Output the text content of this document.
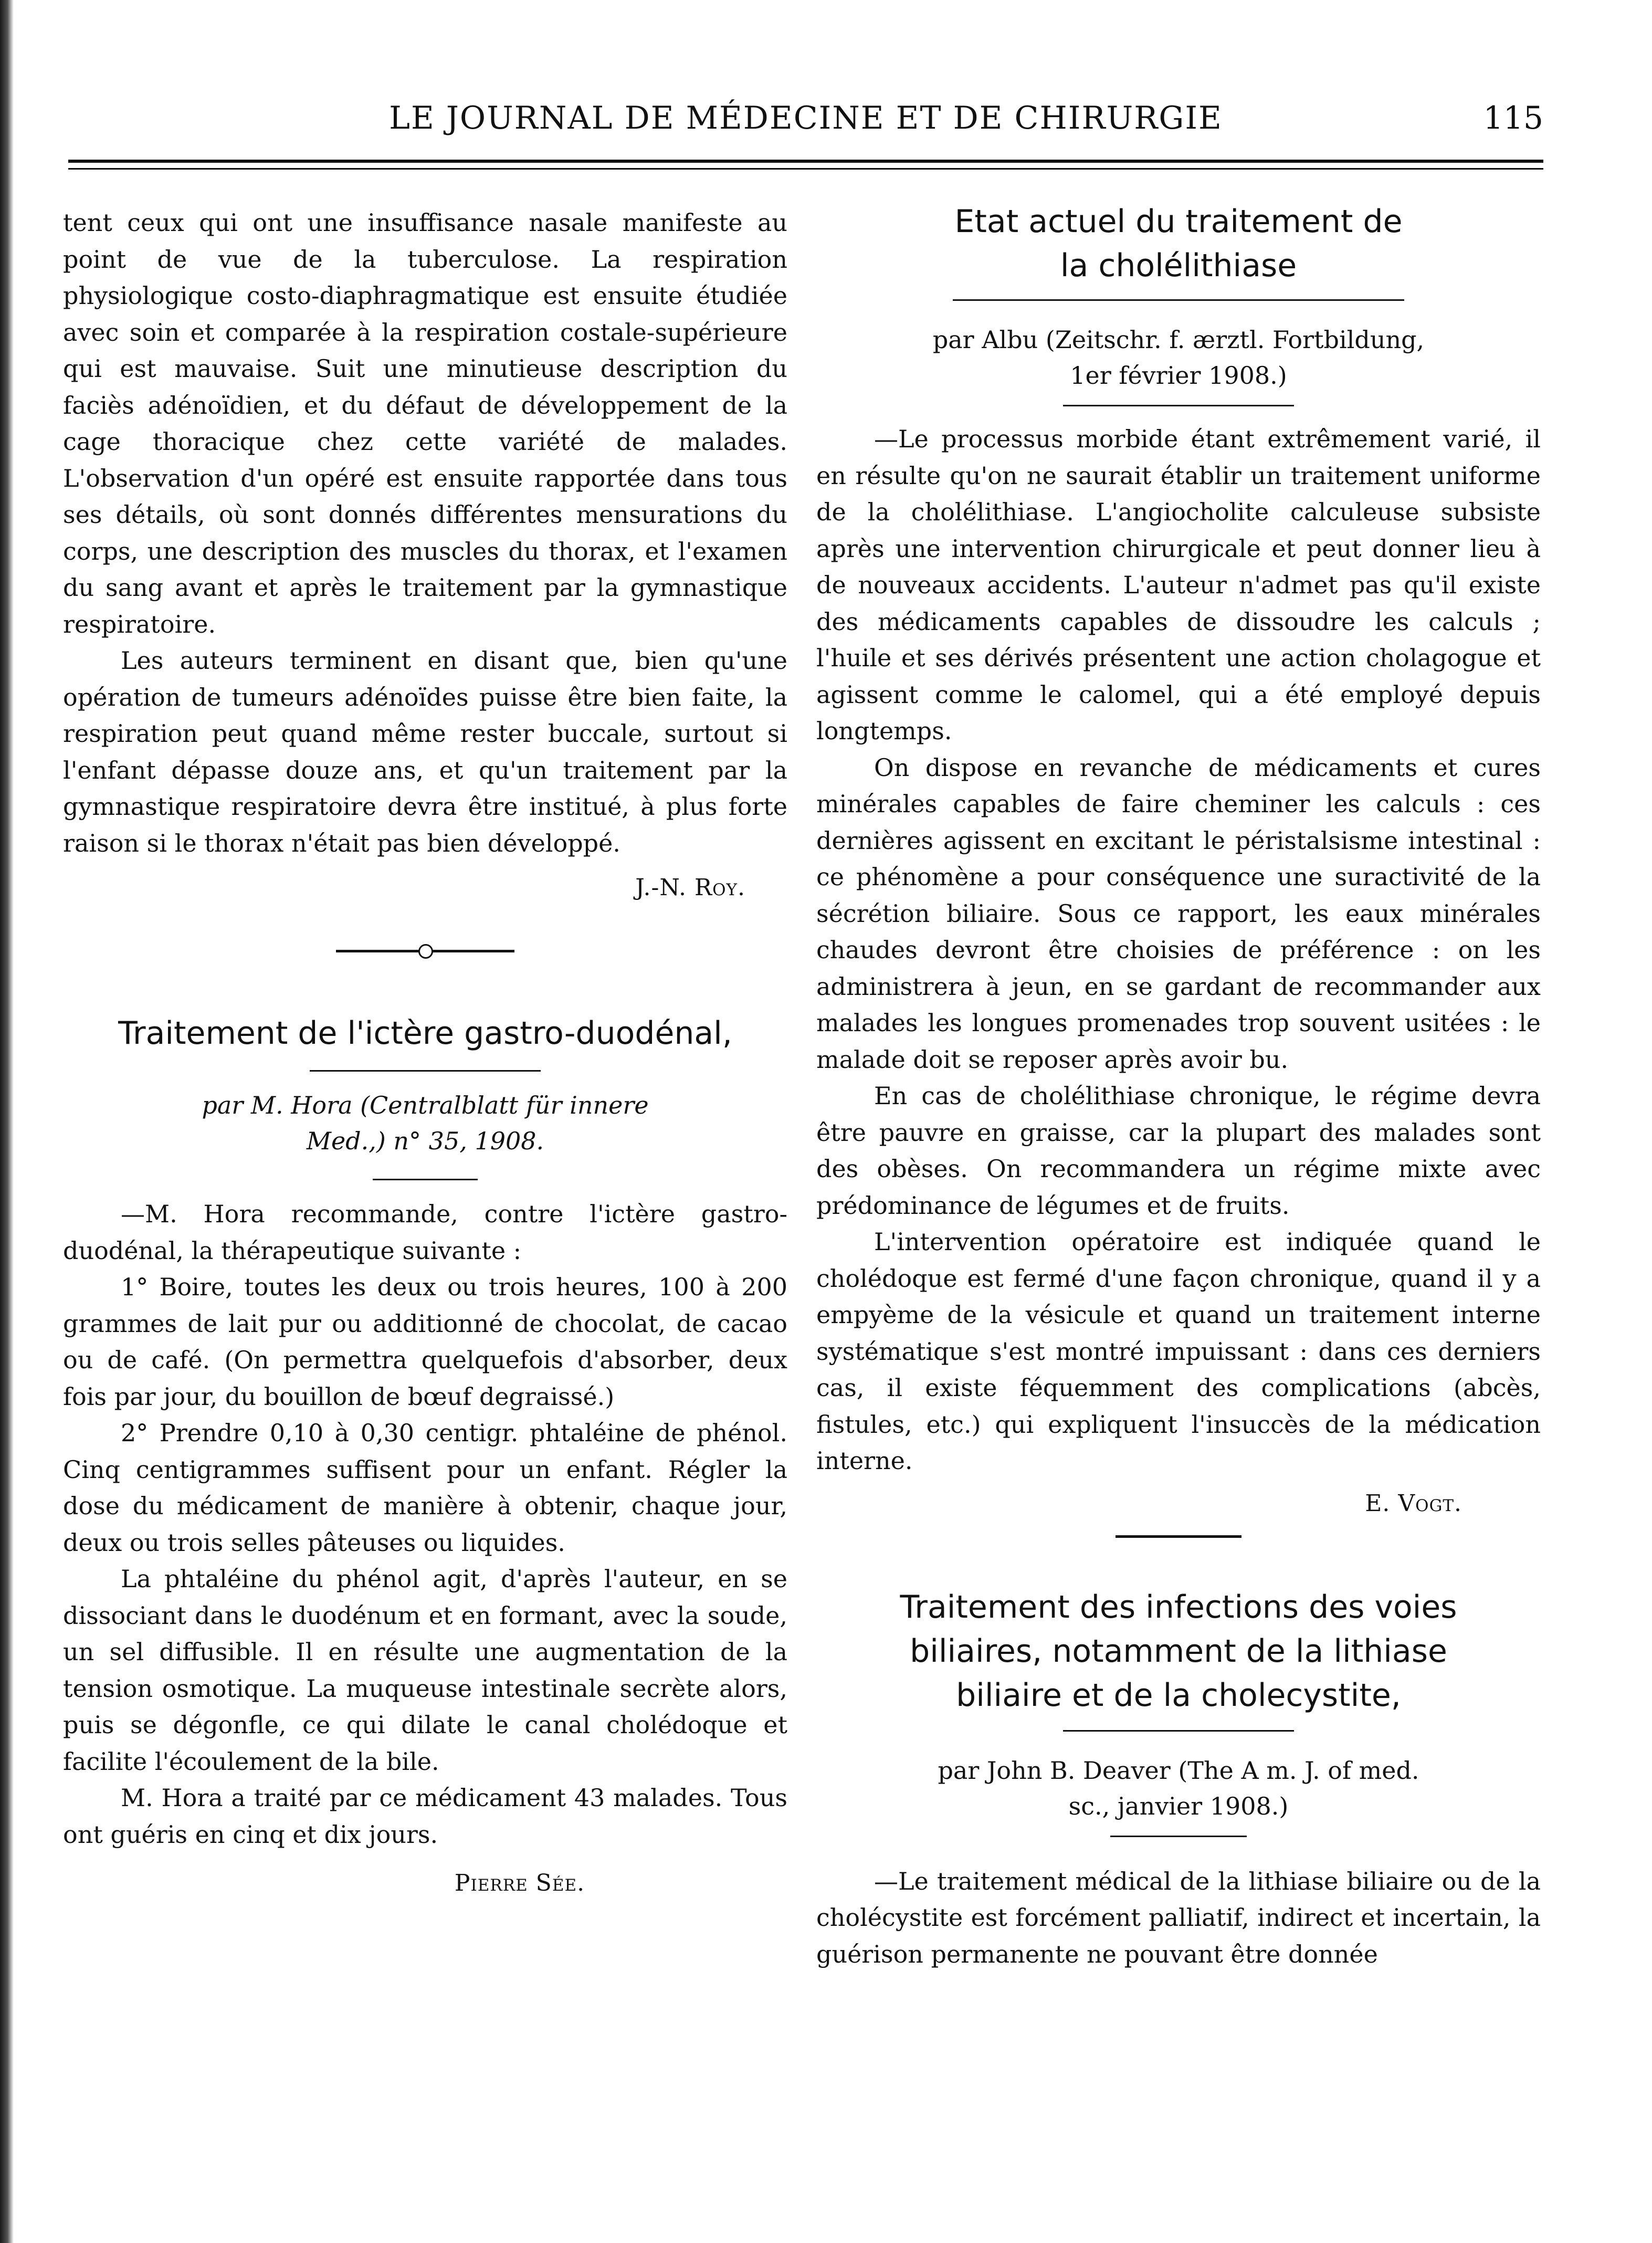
LE JOURNAL DE MÉDECINE ET DE CHIRURGIE	115

tent ceux qui ont une insuffisance nasale manifeste au point de vue de la tuberculose. La respiration physiologique costo-diaphragmatique est ensuite étudiée avec soin et comparée à la respiration costale-supérieure qui est mauvaise. Suit une minutieuse description du faciès adénoïdien, et du défaut de développement de la cage thoracique chez cette variété de malades. L'observation d'un opéré est ensuite rapportée dans tous ses détails, où sont donnés différentes mensurations du corps, une description des muscles du thorax, et l'examen du sang avant et après le traitement par la gymnastique respiratoire.

Les auteurs terminent en disant que, bien qu'une opération de tumeurs adénoïdes puisse être bien faite, la respiration peut quand même rester buccale, surtout si l'enfant dépasse douze ans, et qu'un traitement par la gymnastique respiratoire devra être institué, à plus forte raison si le thorax n'était pas bien développé.

J.-N. Roy.

Traitement de l'ictère gastro-duodénal,

par M. Hora (Centralblatt für innere

Med.,) n° 35, 1908.

—M. Hora recommande, contre l'ictère gastro-duodénal, la thérapeutique suivante :

1° Boire, toutes les deux ou trois heures, 100 à 200 grammes de lait pur ou additionné de chocolat, de cacao ou de café. (On permettra quelquefois d'absorber, deux fois par jour, du bouillon de bœuf degraissé.)

2° Prendre 0,10 à 0,30 centigr. phtaléine de phénol. Cinq centigrammes suffisent pour un enfant. Régler la dose du médicament de manière à obtenir, chaque jour, deux ou trois selles pâteuses ou liquides.

La phtaléine du phénol agit, d'après l'auteur, en se dissociant dans le duodénum et en formant, avec la soude, un sel diffusible. Il en résulte une augmentation de la tension osmotique. La muqueuse intestinale secrète alors, puis se dégonfle, ce qui dilate le canal cholédoque et facilite l'écoulement de la bile.

M. Hora a traité par ce médicament 43 malades. Tous ont guéris en cinq et dix jours.

Pierre Sée.

Etat actuel du traitement de
la cholélithiase

par Albu (Zeitschr. f. ærztl. Fortbildung,

1er février 1908.)

—Le processus morbide étant extrêmement varié, il en résulte qu'on ne saurait établir un traitement uniforme de la cholélithiase. L'angiocholite calculeuse subsiste après une intervention chirurgicale et peut donner lieu à de nouveaux accidents. L'auteur n'admet pas qu'il existe des médicaments capables de dissoudre les calculs ; l'huile et ses dérivés présentent une action cholagogue et agissent comme le calomel, qui a été employé depuis longtemps.

On dispose en revanche de médicaments et cures minérales capables de faire cheminer les calculs : ces dernières agissent en excitant le péristalsisme intestinal : ce phénomène a pour conséquence une suractivité de la sécrétion biliaire. Sous ce rapport, les eaux minérales chaudes devront être choisies de préférence : on les administrera à jeun, en se gardant de recommander aux malades les longues promenades trop souvent usitées : le malade doit se reposer après avoir bu.

En cas de cholélithiase chronique, le régime devra être pauvre en graisse, car la plupart des malades sont des obèses. On recommandera un régime mixte avec prédominance de légumes et de fruits.

L'intervention opératoire est indiquée quand le cholédoque est fermé d'une façon chronique, quand il y a empyème de la vésicule et quand un traitement interne systématique s'est montré impuissant : dans ces derniers cas, il existe féquemment des complications (abcès, fistules, etc.) qui expliquent l'insuccès de la médication interne.

E. Vogt.

Traitement des infections des voies
biliaires, notamment de la lithiase
biliaire et de la cholecystite,

par John B. Deaver (The A m. J. of med.

sc., janvier 1908.)

—Le traitement médical de la lithiase biliaire ou de la cholécystite est forcément palliatif, indirect et incertain, la guérison permanente ne pouvant être donnée
